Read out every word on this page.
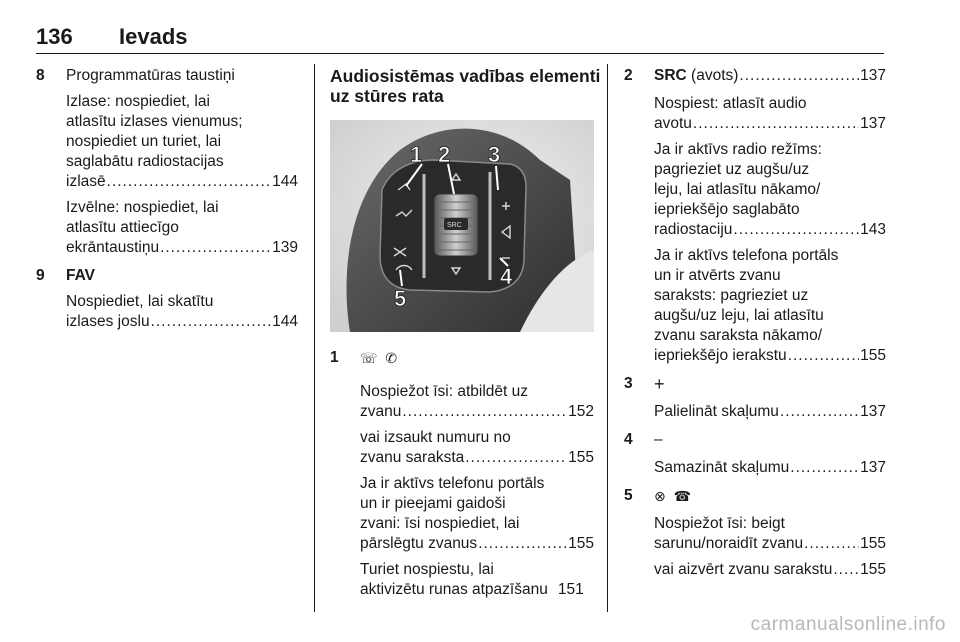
136 Ievads
8 Programmatūras taustiņi
Izlase: nospiediet, lai
atlasītu izlases vienumus;
nospiediet un turiet, lai
saglabātu radiostacijas
izlasē .....	144
Izvēlne: nospiediet, lai
atlasītu attiecīgo
ekrāntaustiņu .....	139
9 FAV
Nospiediet, lai skatītu
izlases joslu .....	144
Audiosistēmas vadības elementi
uz stūres rata
1 2 3
4
5
SRC
1 ☏ ✆
Nospiežot īsi: atbildēt uz
zvanu .....	152
vai izsaukt numuru no
zvanu saraksta .....	155
Ja ir aktīvs telefonu portāls
un ir pieejami gaidoši
zvani: īsi nospiediet, lai
pārslēgtu zvanus .....	155
Turiet nospiestu, lai
aktivizētu runas atpazīšanu 151
2 SRC (avots) .....	137
Nospiest: atlasīt audio
avotu .....	137
Ja ir aktīvs radio režīms:
pagrieziet uz augšu/uz
leju, lai atlasītu nākamo/
iepriekšējo saglabāto
radiostaciju .....	143
Ja ir aktīvs telefona portāls
un ir atvērts zvanu
saraksts: pagrieziet uz
augšu/uz leju, lai atlasītu
zvanu saraksta nākamo/
iepriekšējo ierakstu .....	155
3 +
Palielināt skaļumu .....	137
4 –
Samazināt skaļumu .....	137
5 ⊗ ☎
Nospiežot īsi: beigt
sarunu/noraidīt zvanu .....	155
vai aizvērt zvanu sarakstu ..... 155
carmanualsonline.info
